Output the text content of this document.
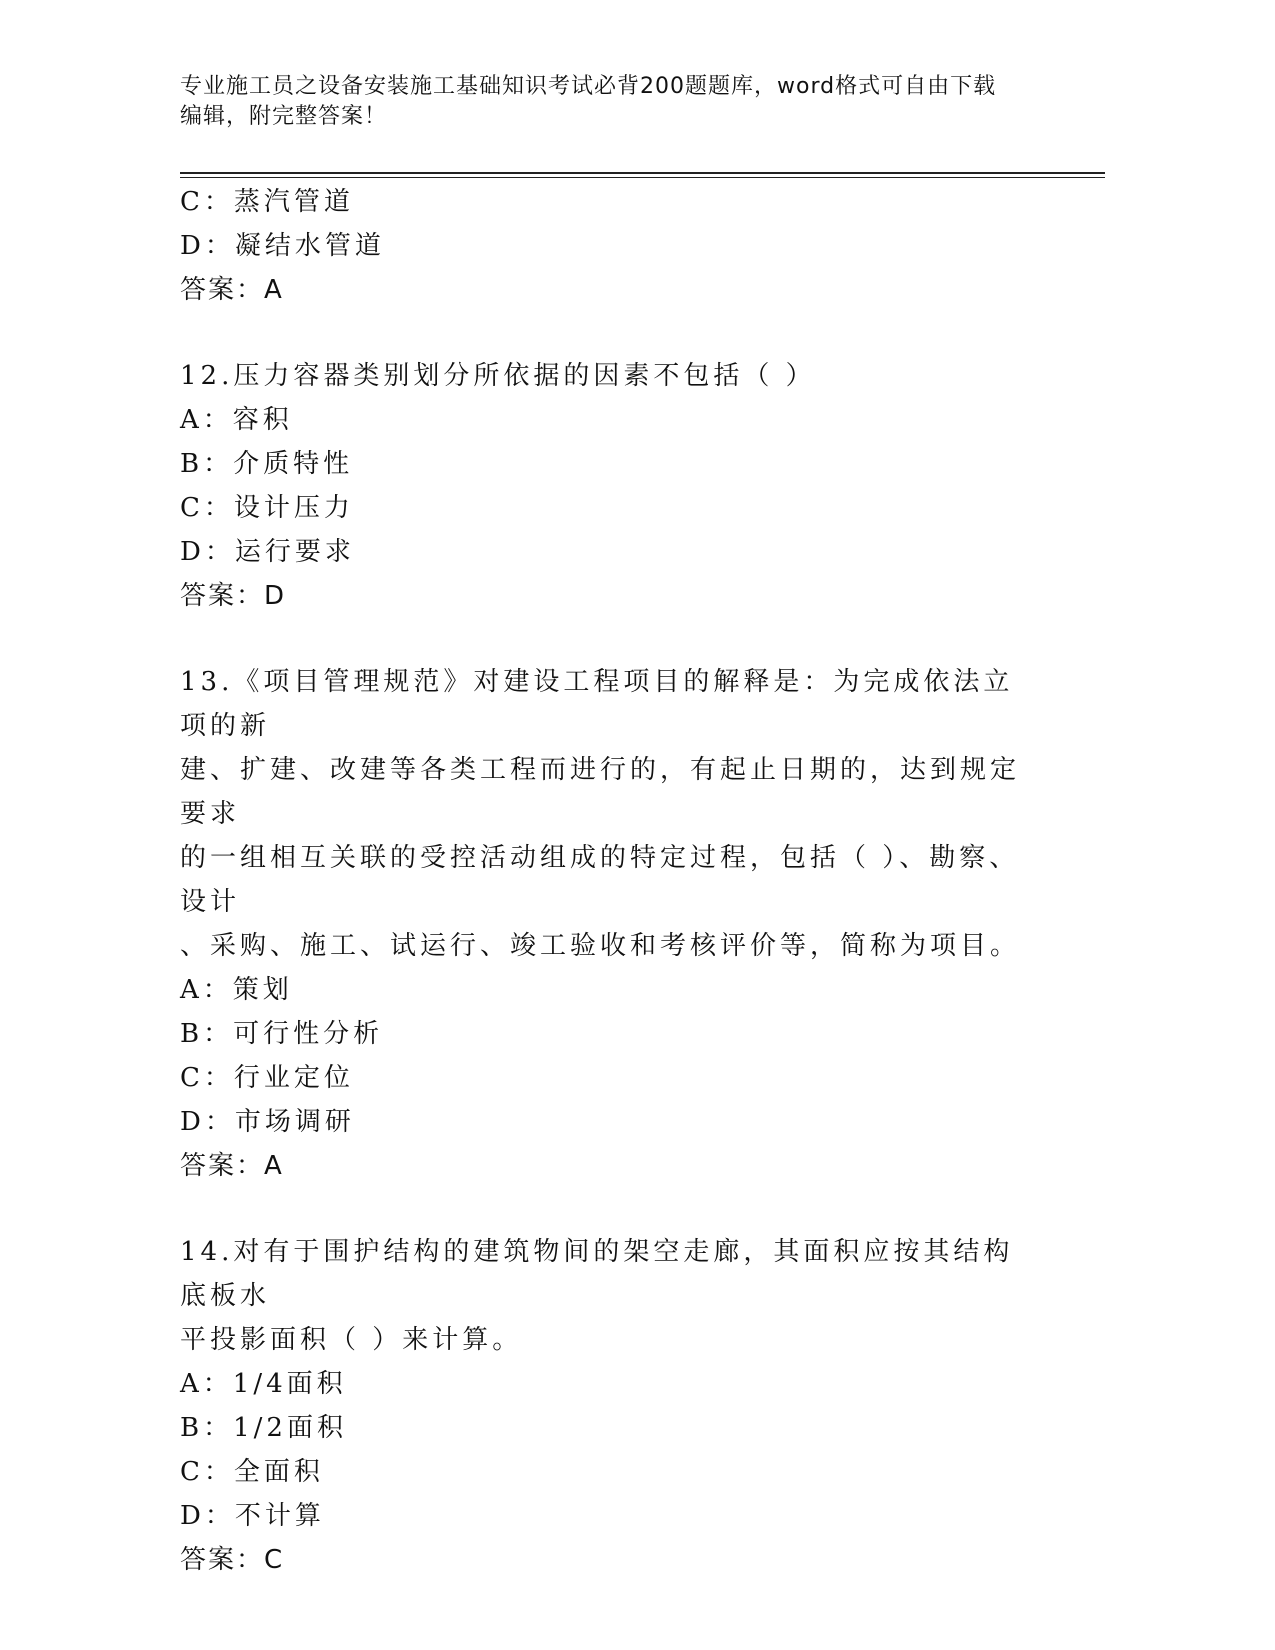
专业施工员之设备安装施工基础知识考试必背200题题库，word格式可自由下载
编辑，附完整答案！
C：蒸汽管道
D：凝结水管道
答案：A
12.压力容器类别划分所依据的因素不包括（ ）
A：容积
B：介质特性
C：设计压力
D：运行要求
答案：D
13.《项目管理规范》对建设工程项目的解释是：为完成依法立项的新
建、扩建、改建等各类工程而进行的，有起止日期的，达到规定要求
的一组相互关联的受控活动组成的特定过程，包括（ ）、勘察、设计
、采购、施工、试运行、竣工验收和考核评价等，简称为项目。
A：策划
B：可行性分析
C：行业定位
D：市场调研
答案：A
14.对有于围护结构的建筑物间的架空走廊，其面积应按其结构底板水
平投影面积（ ）来计算。
A：1/4面积
B：1/2面积
C：全面积
D：不计算
答案：C
